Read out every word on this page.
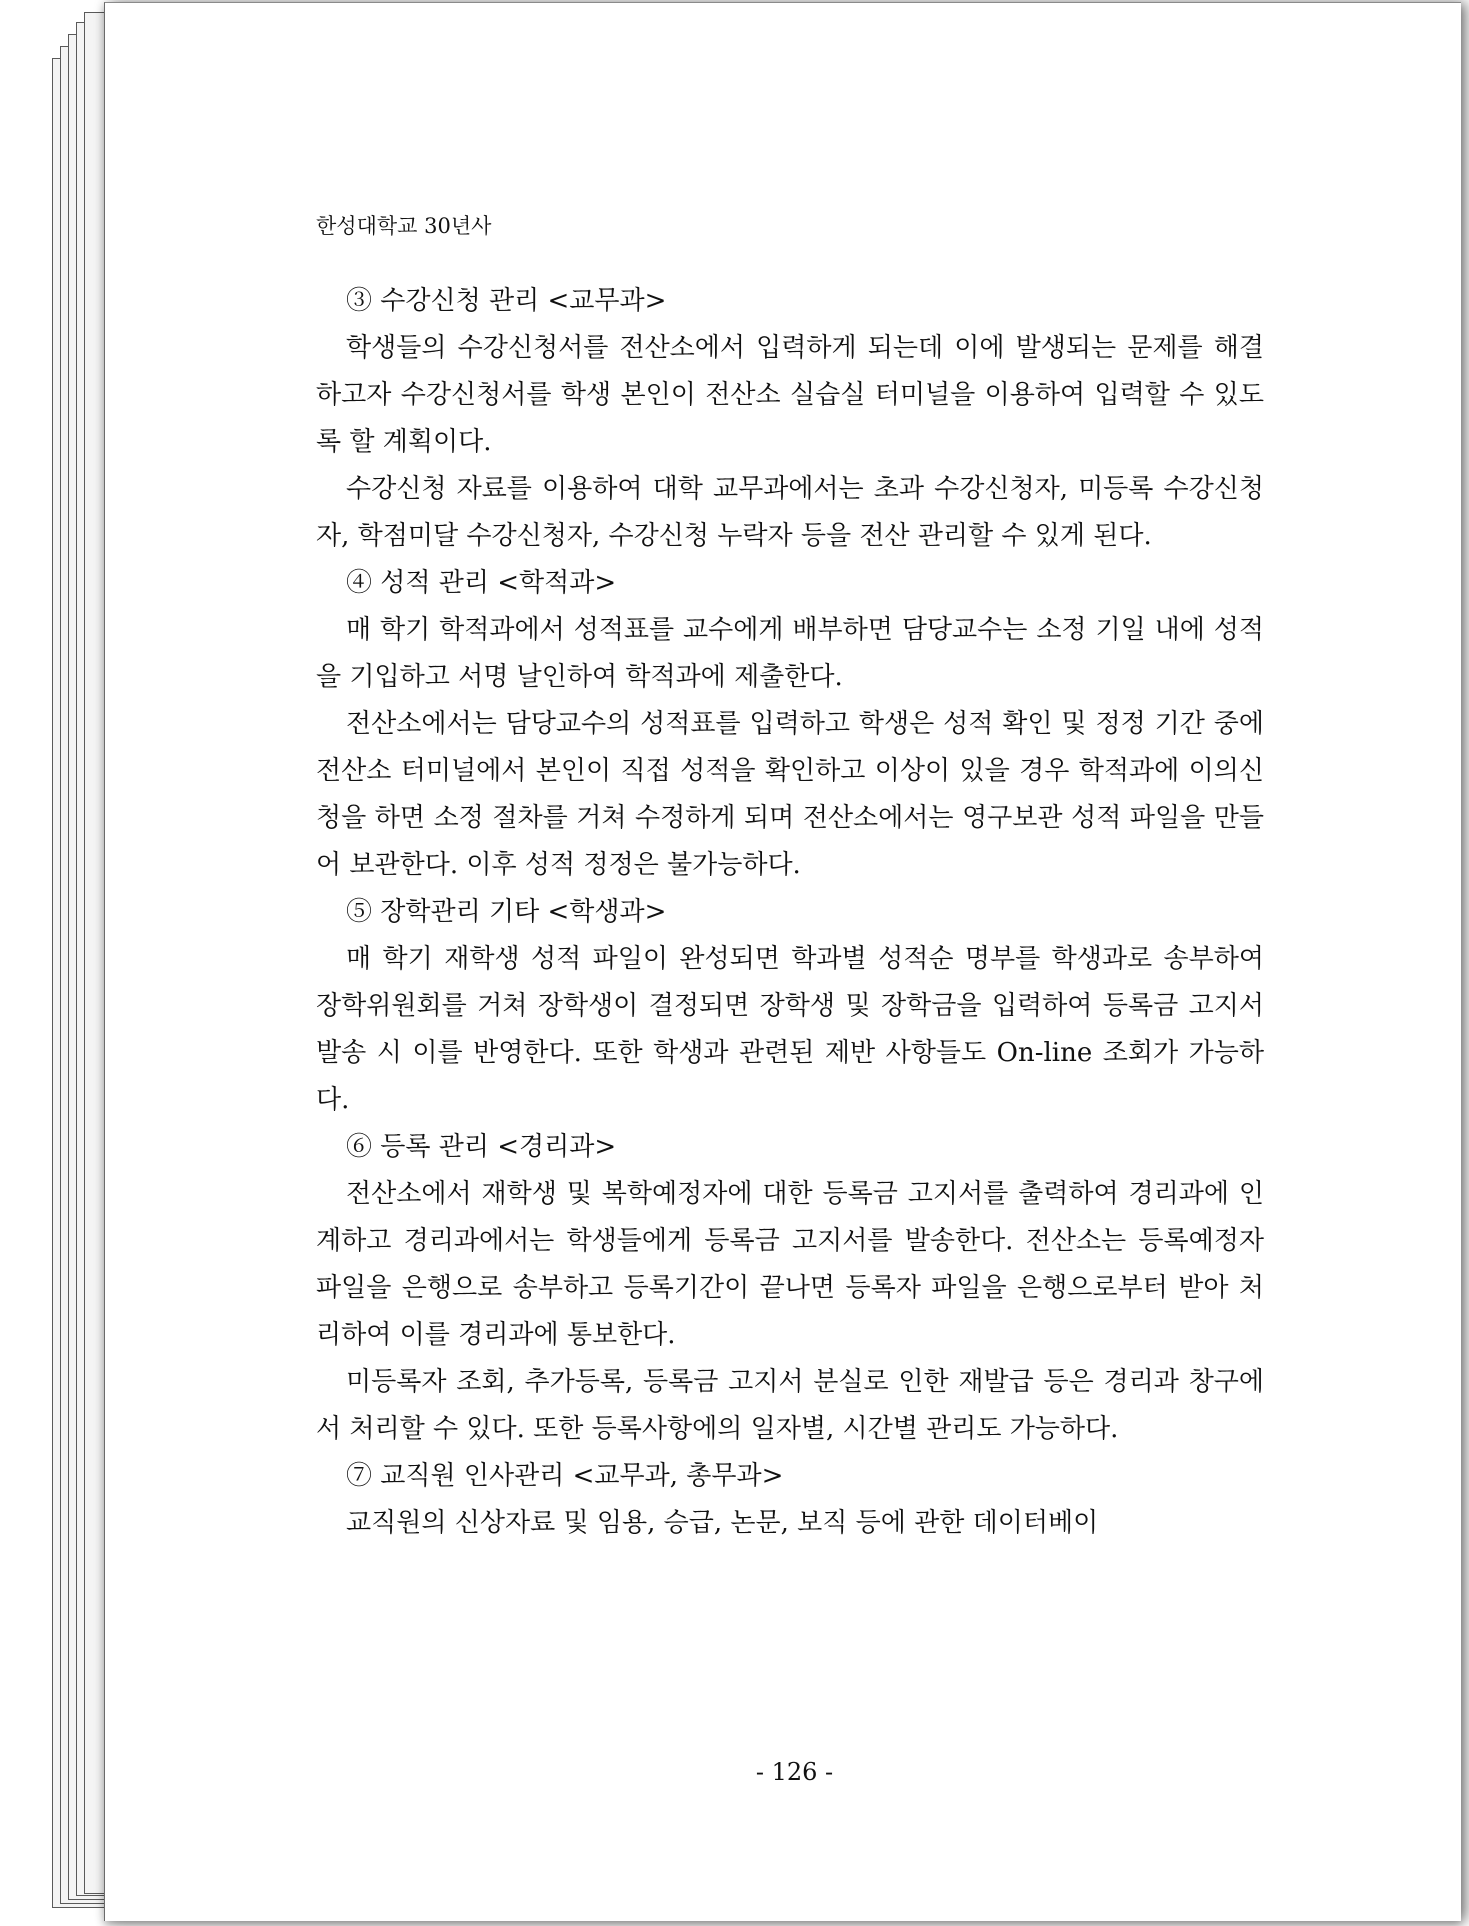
한성대학교 30년사

③ 수강신청 관리 <교무과>

학생들의 수강신청서를 전산소에서 입력하게 되는데 이에 발생되는 문제를 해결하고자 수강신청서를 학생 본인이 전산소 실습실 터미널을 이용하여 입력할 수 있도록 할 계획이다.

수강신청 자료를 이용하여 대학 교무과에서는 초과 수강신청자, 미등록 수강신청자, 학점미달 수강신청자, 수강신청 누락자 등을 전산 관리할 수 있게 된다.

④ 성적 관리 <학적과>

매 학기 학적과에서 성적표를 교수에게 배부하면 담당교수는 소정 기일 내에 성적을 기입하고 서명 날인하여 학적과에 제출한다.

전산소에서는 담당교수의 성적표를 입력하고 학생은 성적 확인 및 정정 기간 중에 전산소 터미널에서 본인이 직접 성적을 확인하고 이상이 있을 경우 학적과에 이의신청을 하면 소정 절차를 거쳐 수정하게 되며 전산소에서는 영구보관 성적 파일을 만들어 보관한다. 이후 성적 정정은 불가능하다.

⑤ 장학관리 기타 <학생과>

매 학기 재학생 성적 파일이 완성되면 학과별 성적순 명부를 학생과로 송부하여 장학위원회를 거쳐 장학생이 결정되면 장학생 및 장학금을 입력하여 등록금 고지서 발송 시 이를 반영한다. 또한 학생과 관련된 제반 사항들도 On-line 조회가 가능하다.

⑥ 등록 관리 <경리과>

전산소에서 재학생 및 복학예정자에 대한 등록금 고지서를 출력하여 경리과에 인계하고 경리과에서는 학생들에게 등록금 고지서를 발송한다. 전산소는 등록예정자 파일을 은행으로 송부하고 등록기간이 끝나면 등록자 파일을 은행으로부터 받아 처리하여 이를 경리과에 통보한다.

미등록자 조회, 추가등록, 등록금 고지서 분실로 인한 재발급 등은 경리과 창구에서 처리할 수 있다. 또한 등록사항에의 일자별, 시간별 관리도 가능하다.

⑦ 교직원 인사관리 <교무과, 총무과>

교직원의 신상자료 및 임용, 승급, 논문, 보직 등에 관한 데이터베이

- 126 -
